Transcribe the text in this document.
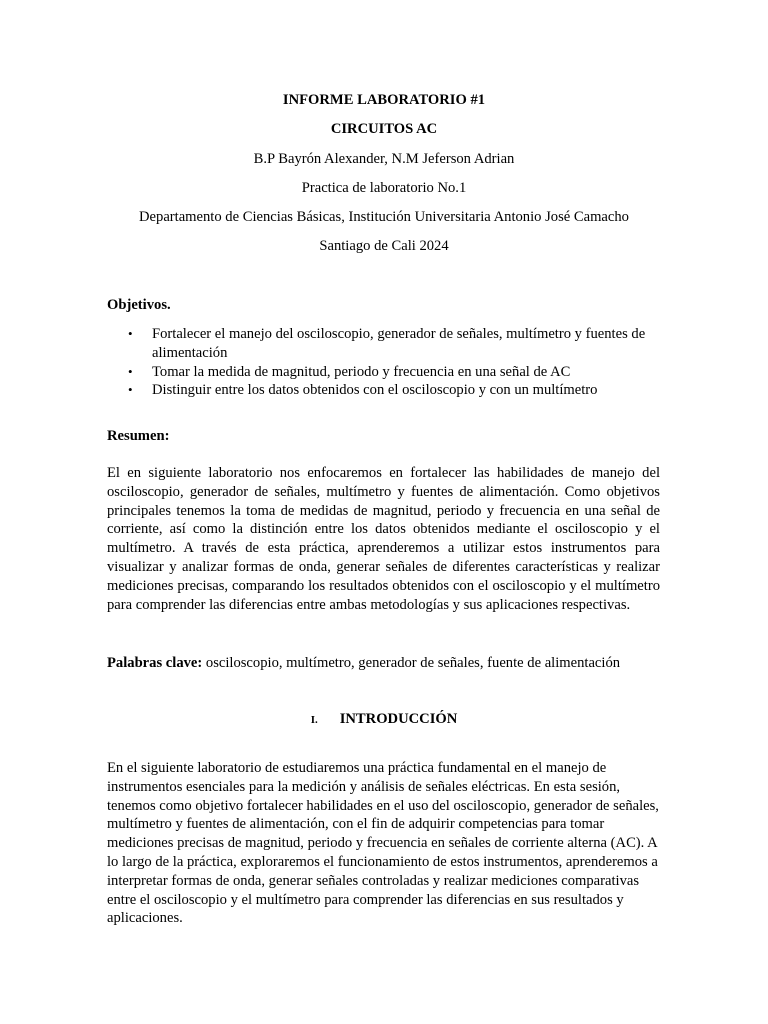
INFORME LABORATORIO #1

CIRCUITOS AC

B.P Bayrón Alexander, N.M Jeferson Adrian

Practica de laboratorio No.1

Departamento de Ciencias Básicas, Institución Universitaria Antonio José Camacho

Santiago de Cali 2024

Objetivos.

• Fortalecer el manejo del osciloscopio, generador de señales, multímetro y fuentes de alimentación
• Tomar la medida de magnitud, periodo y frecuencia en una señal de AC
• Distinguir entre los datos obtenidos con el osciloscopio y con un multímetro

Resumen:

El en siguiente laboratorio nos enfocaremos en fortalecer las habilidades de manejo del osciloscopio, generador de señales, multímetro y fuentes de alimentación. Como objetivos principales tenemos la toma de medidas de magnitud, periodo y frecuencia en una señal de corriente, así como la distinción entre los datos obtenidos mediante el osciloscopio y el multímetro. A través de esta práctica, aprenderemos a utilizar estos instrumentos para visualizar y analizar formas de onda, generar señales de diferentes características y realizar mediciones precisas, comparando los resultados obtenidos con el osciloscopio y el multímetro para comprender las diferencias entre ambas metodologías y sus aplicaciones respectivas.

Palabras clave: osciloscopio, multímetro, generador de señales, fuente de alimentación

I. INTRODUCCIÓN

En el siguiente laboratorio de estudiaremos una práctica fundamental en el manejo de instrumentos esenciales para la medición y análisis de señales eléctricas. En esta sesión, tenemos como objetivo fortalecer habilidades en el uso del osciloscopio, generador de señales, multímetro y fuentes de alimentación, con el fin de adquirir competencias para tomar mediciones precisas de magnitud, periodo y frecuencia en señales de corriente alterna (AC). A lo largo de la práctica, exploraremos el funcionamiento de estos instrumentos, aprenderemos a interpretar formas de onda, generar señales controladas y realizar mediciones comparativas entre el osciloscopio y el multímetro para comprender las diferencias en sus resultados y aplicaciones.
